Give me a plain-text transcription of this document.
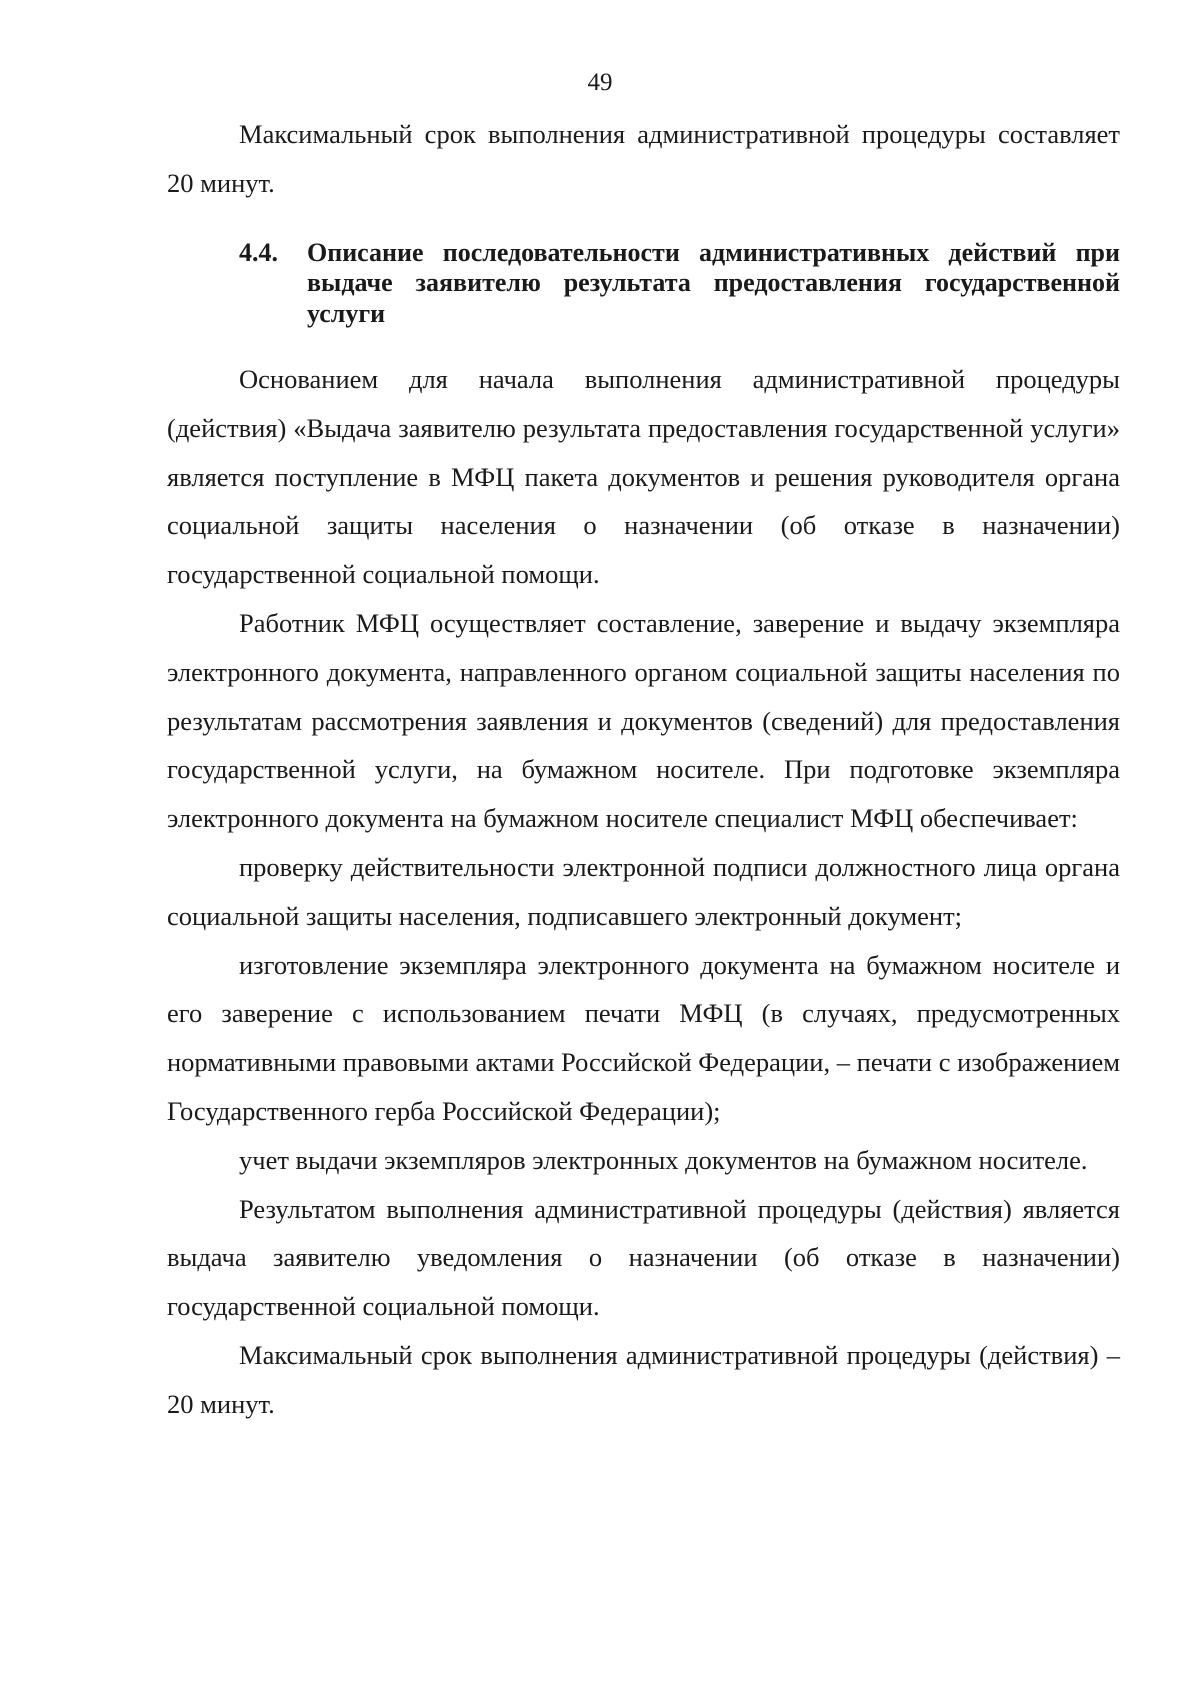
49

Максимальный срок выполнения административной процедуры составляет 20 минут.

4.4.	Описание последовательности административных действий при выдаче заявителю результата предоставления государственной услуги

Основанием для начала выполнения административной процедуры (действия) «Выдача заявителю результата предоставления государственной услуги» является поступление в МФЦ пакета документов и решения руководителя органа социальной защиты населения о назначении (об отказе в назначении) государственной социальной помощи.

Работник МФЦ осуществляет составление, заверение и выдачу экземпляра электронного документа, направленного органом социальной защиты населения по результатам рассмотрения заявления и документов (сведений) для предоставления государственной услуги, на бумажном носителе. При подготовке экземпляра электронного документа на бумажном носителе специалист МФЦ обеспечивает:

проверку действительности электронной подписи должностного лица органа социальной защиты населения, подписавшего электронный документ;

изготовление экземпляра электронного документа на бумажном носителе и его заверение с использованием печати МФЦ (в случаях, предусмотренных нормативными правовыми актами Российской Федерации, – печати с изображением Государственного герба Российской Федерации);

учет выдачи экземпляров электронных документов на бумажном носителе.

Результатом выполнения административной процедуры (действия) является выдача заявителю уведомления о назначении (об отказе в назначении) государственной социальной помощи.

Максимальный срок выполнения административной процедуры (действия) – 20 минут.
